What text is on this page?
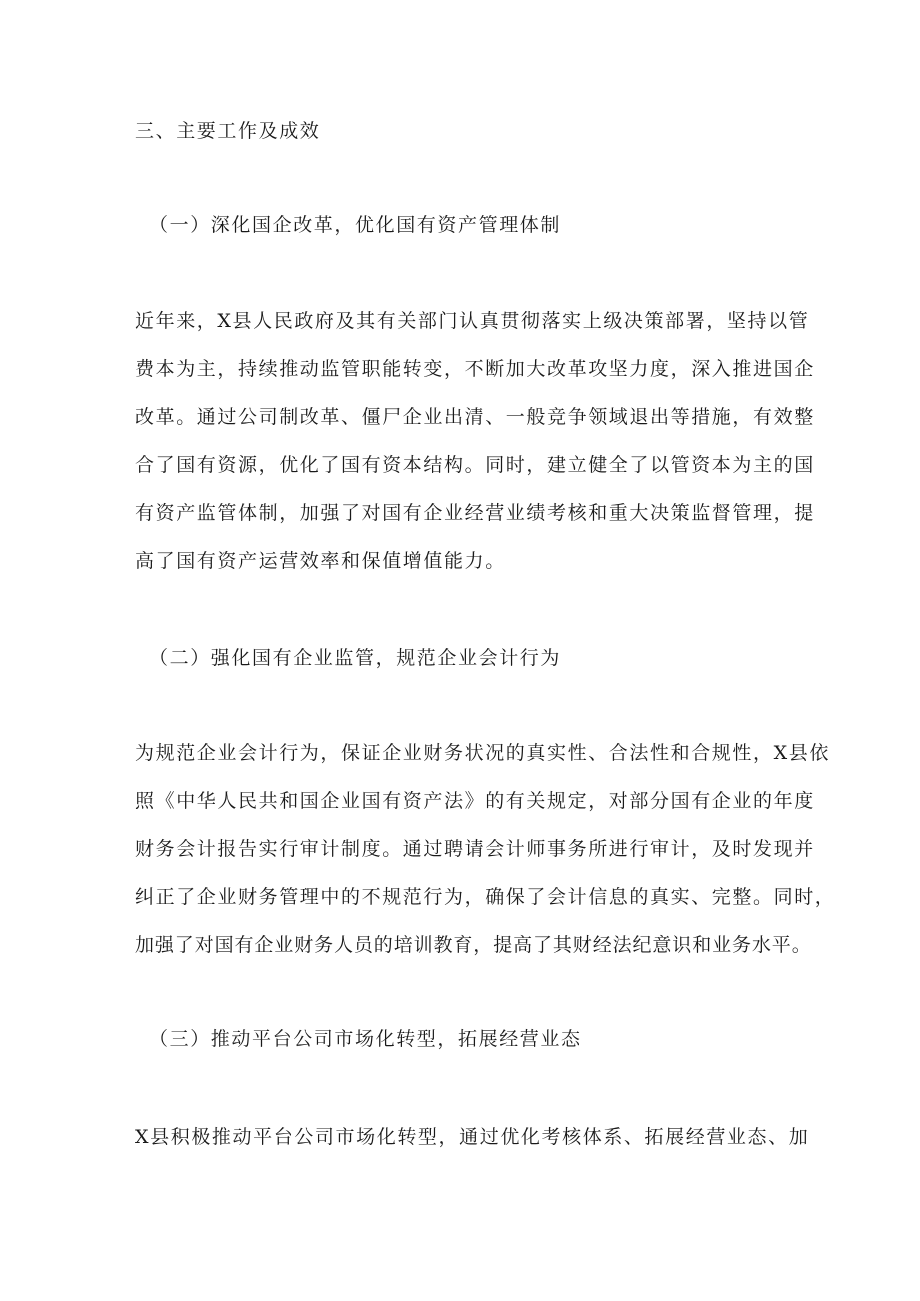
三、主要工作及成效
（一）深化国企改革，优化国有资产管理体制
近年来，X县人民政府及其有关部门认真贯彻落实上级决策部署，坚持以管
费本为主，持续推动监管职能转变，不断加大改革攻坚力度，深入推进国企
改革。通过公司制改革、僵尸企业出清、一般竞争领域退出等措施，有效整
合了国有资源，优化了国有资本结构。同时，建立健全了以管资本为主的国
有资产监管体制，加强了对国有企业经营业绩考核和重大决策监督管理，提
高了国有资产运营效率和保值增值能力。
（二）强化国有企业监管，规范企业会计行为
为规范企业会计行为，保证企业财务状况的真实性、合法性和合规性，X县依
照《中华人民共和国企业国有资产法》的有关规定，对部分国有企业的年度
财务会计报告实行审计制度。通过聘请会计师事务所进行审计，及时发现并
纠正了企业财务管理中的不规范行为，确保了会计信息的真实、完整。同时，
加强了对国有企业财务人员的培训教育，提高了其财经法纪意识和业务水平。
（三）推动平台公司市场化转型，拓展经营业态
X县积极推动平台公司市场化转型，通过优化考核体系、拓展经营业态、加
